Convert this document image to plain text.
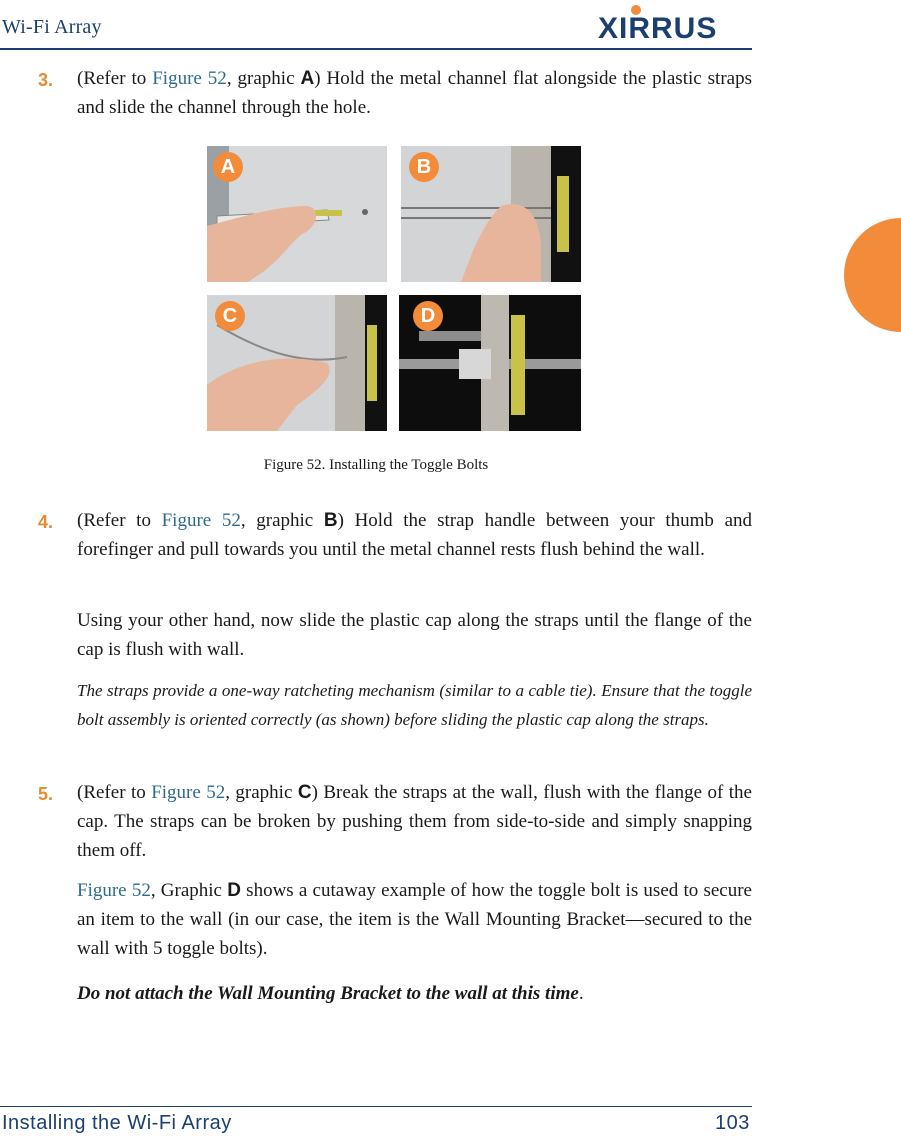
Wi-Fi Array	XIRRUS
3. (Refer to Figure 52, graphic A) Hold the metal channel flat alongside the plastic straps and slide the channel through the hole.

A	B
C	D
Figure 52. Installing the Toggle Bolts
4. (Refer to Figure 52, graphic B) Hold the strap handle between your thumb and forefinger and pull towards you until the metal channel rests flush behind the wall.

Using your other hand, now slide the plastic cap along the straps until the flange of the cap is flush with wall.

The straps provide a one-way ratcheting mechanism (similar to a cable tie). Ensure that the toggle bolt assembly is oriented correctly (as shown) before sliding the plastic cap along the straps.

5. (Refer to Figure 52, graphic C) Break the straps at the wall, flush with the flange of the cap. The straps can be broken by pushing them from side-to-side and simply snapping them off.

Figure 52, Graphic D shows a cutaway example of how the toggle bolt is used to secure an item to the wall (in our case, the item is the Wall Mounting Bracket—secured to the wall with 5 toggle bolts).

Do not attach the Wall Mounting Bracket to the wall at this time.

Installing the Wi-Fi Array	103
